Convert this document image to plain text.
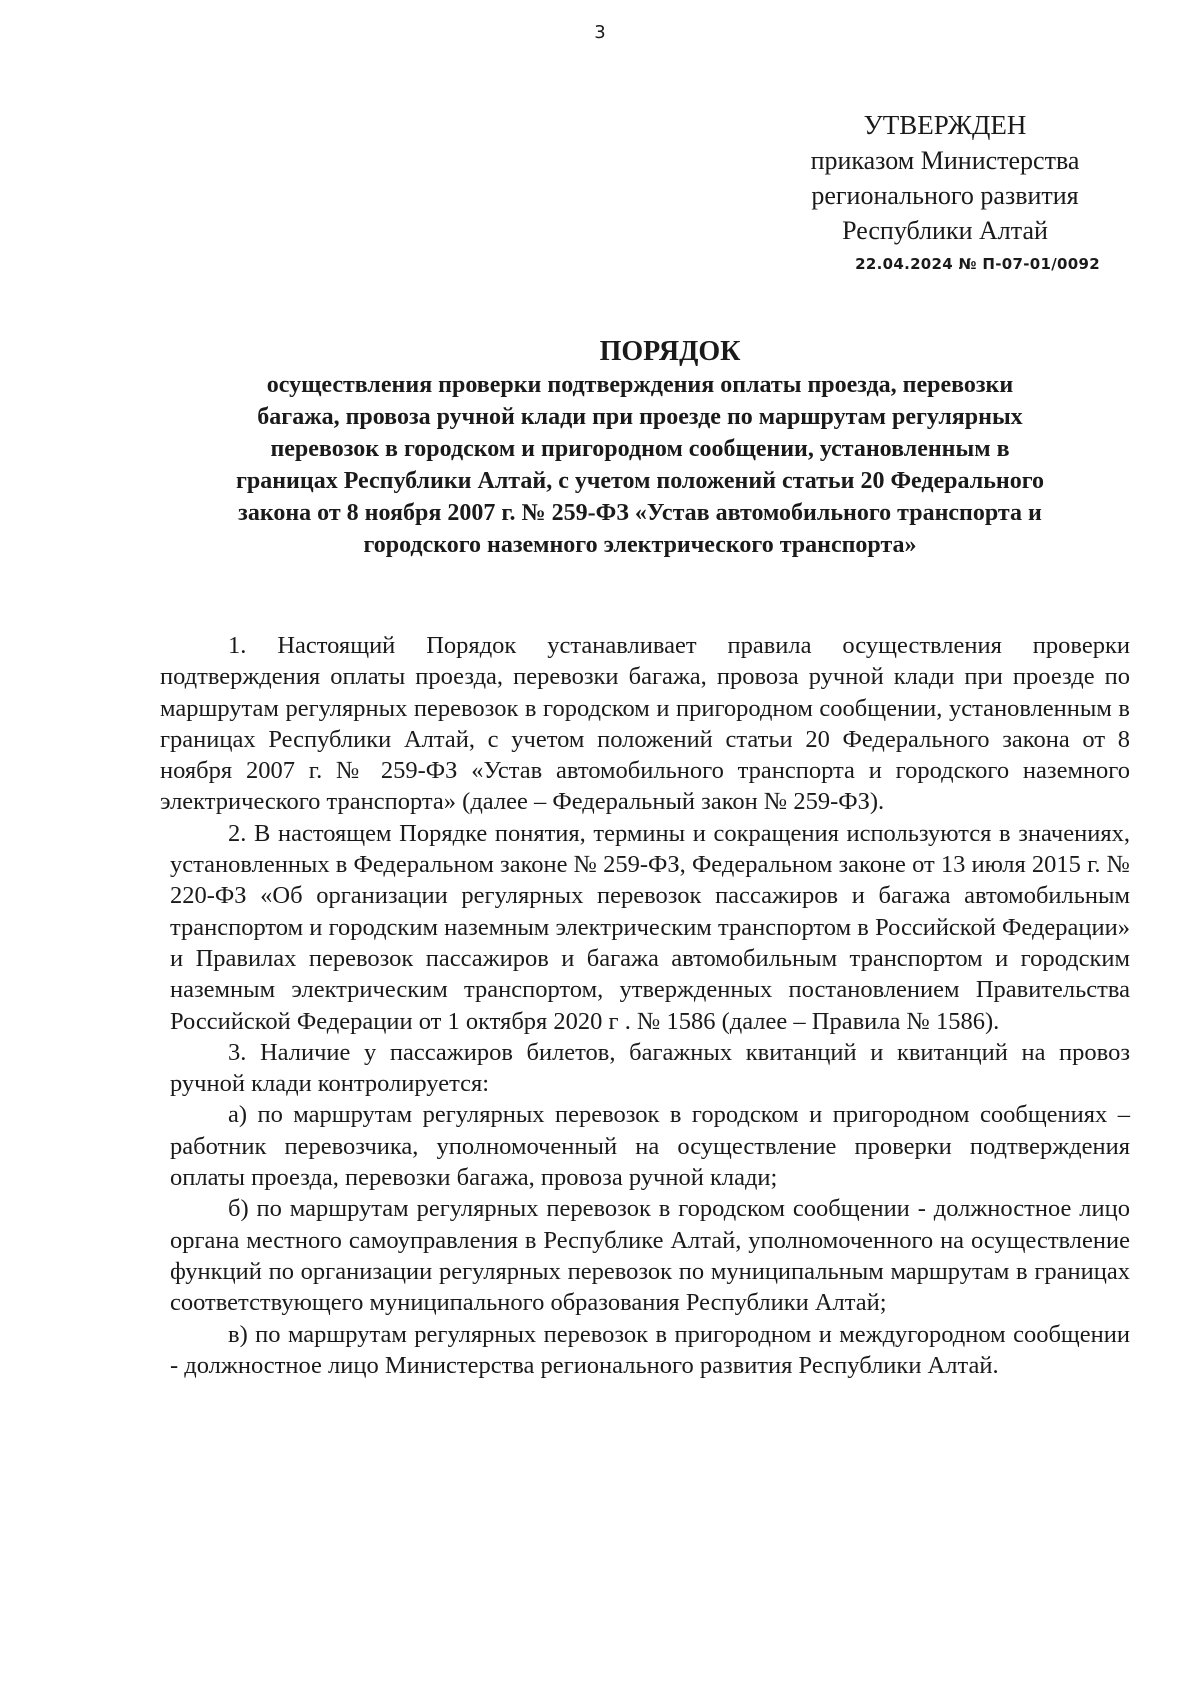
3
УТВЕРЖДЕН
приказом Министерства
регионального развития
Республики Алтай
22.04.2024 № П-07-01/0092
ПОРЯДОК
осуществления проверки подтверждения оплаты проезда, перевозки
багажа, провоза ручной клади при проезде по маршрутам регулярных
перевозок в городском и пригородном сообщении, установленным в
границах Республики Алтай, с учетом положений статьи 20 Федерального
закона от 8 ноября 2007 г. № 259-ФЗ «Устав автомобильного транспорта и
городского наземного электрического транспорта»

1. Настоящий Порядок устанавливает правила осуществления проверки подтверждения оплаты проезда, перевозки багажа, провоза ручной клади при проезде по маршрутам регулярных перевозок в городском и пригородном сообщении, установленным в границах Республики Алтай, с учетом положений статьи 20 Федерального закона от 8 ноября 2007 г. № 259-ФЗ «Устав автомобильного транспорта и городского наземного электрического транспорта» (далее – Федеральный закон № 259-ФЗ).

2. В настоящем Порядке понятия, термины и сокращения используются в значениях, установленных в Федеральном законе № 259-ФЗ, Федеральном законе от 13 июля 2015 г. № 220-ФЗ «Об организации регулярных перевозок пассажиров и багажа автомобильным транспортом и городским наземным электрическим транспортом в Российской Федерации» и Правилах перевозок пассажиров и багажа автомобильным транспортом и городским наземным электрическим транспортом, утвержденных постановлением Правительства Российской Федерации от 1 октября 2020 г . № 1586 (далее – Правила № 1586).

3. Наличие у пассажиров билетов, багажных квитанций и квитанций на провоз ручной клади контролируется:

а) по маршрутам регулярных перевозок в городском и пригородном сообщениях – работник перевозчика, уполномоченный на осуществление проверки подтверждения оплаты проезда, перевозки багажа, провоза ручной клади;

б) по маршрутам регулярных перевозок в городском сообщении - должностное лицо органа местного самоуправления в Республике Алтай, уполномоченного на осуществление функций по организации регулярных перевозок по муниципальным маршрутам в границах соответствующего муниципального образования Республики Алтай;

в) по маршрутам регулярных перевозок в пригородном и междугородном сообщении - должностное лицо Министерства регионального развития Республики Алтай.
